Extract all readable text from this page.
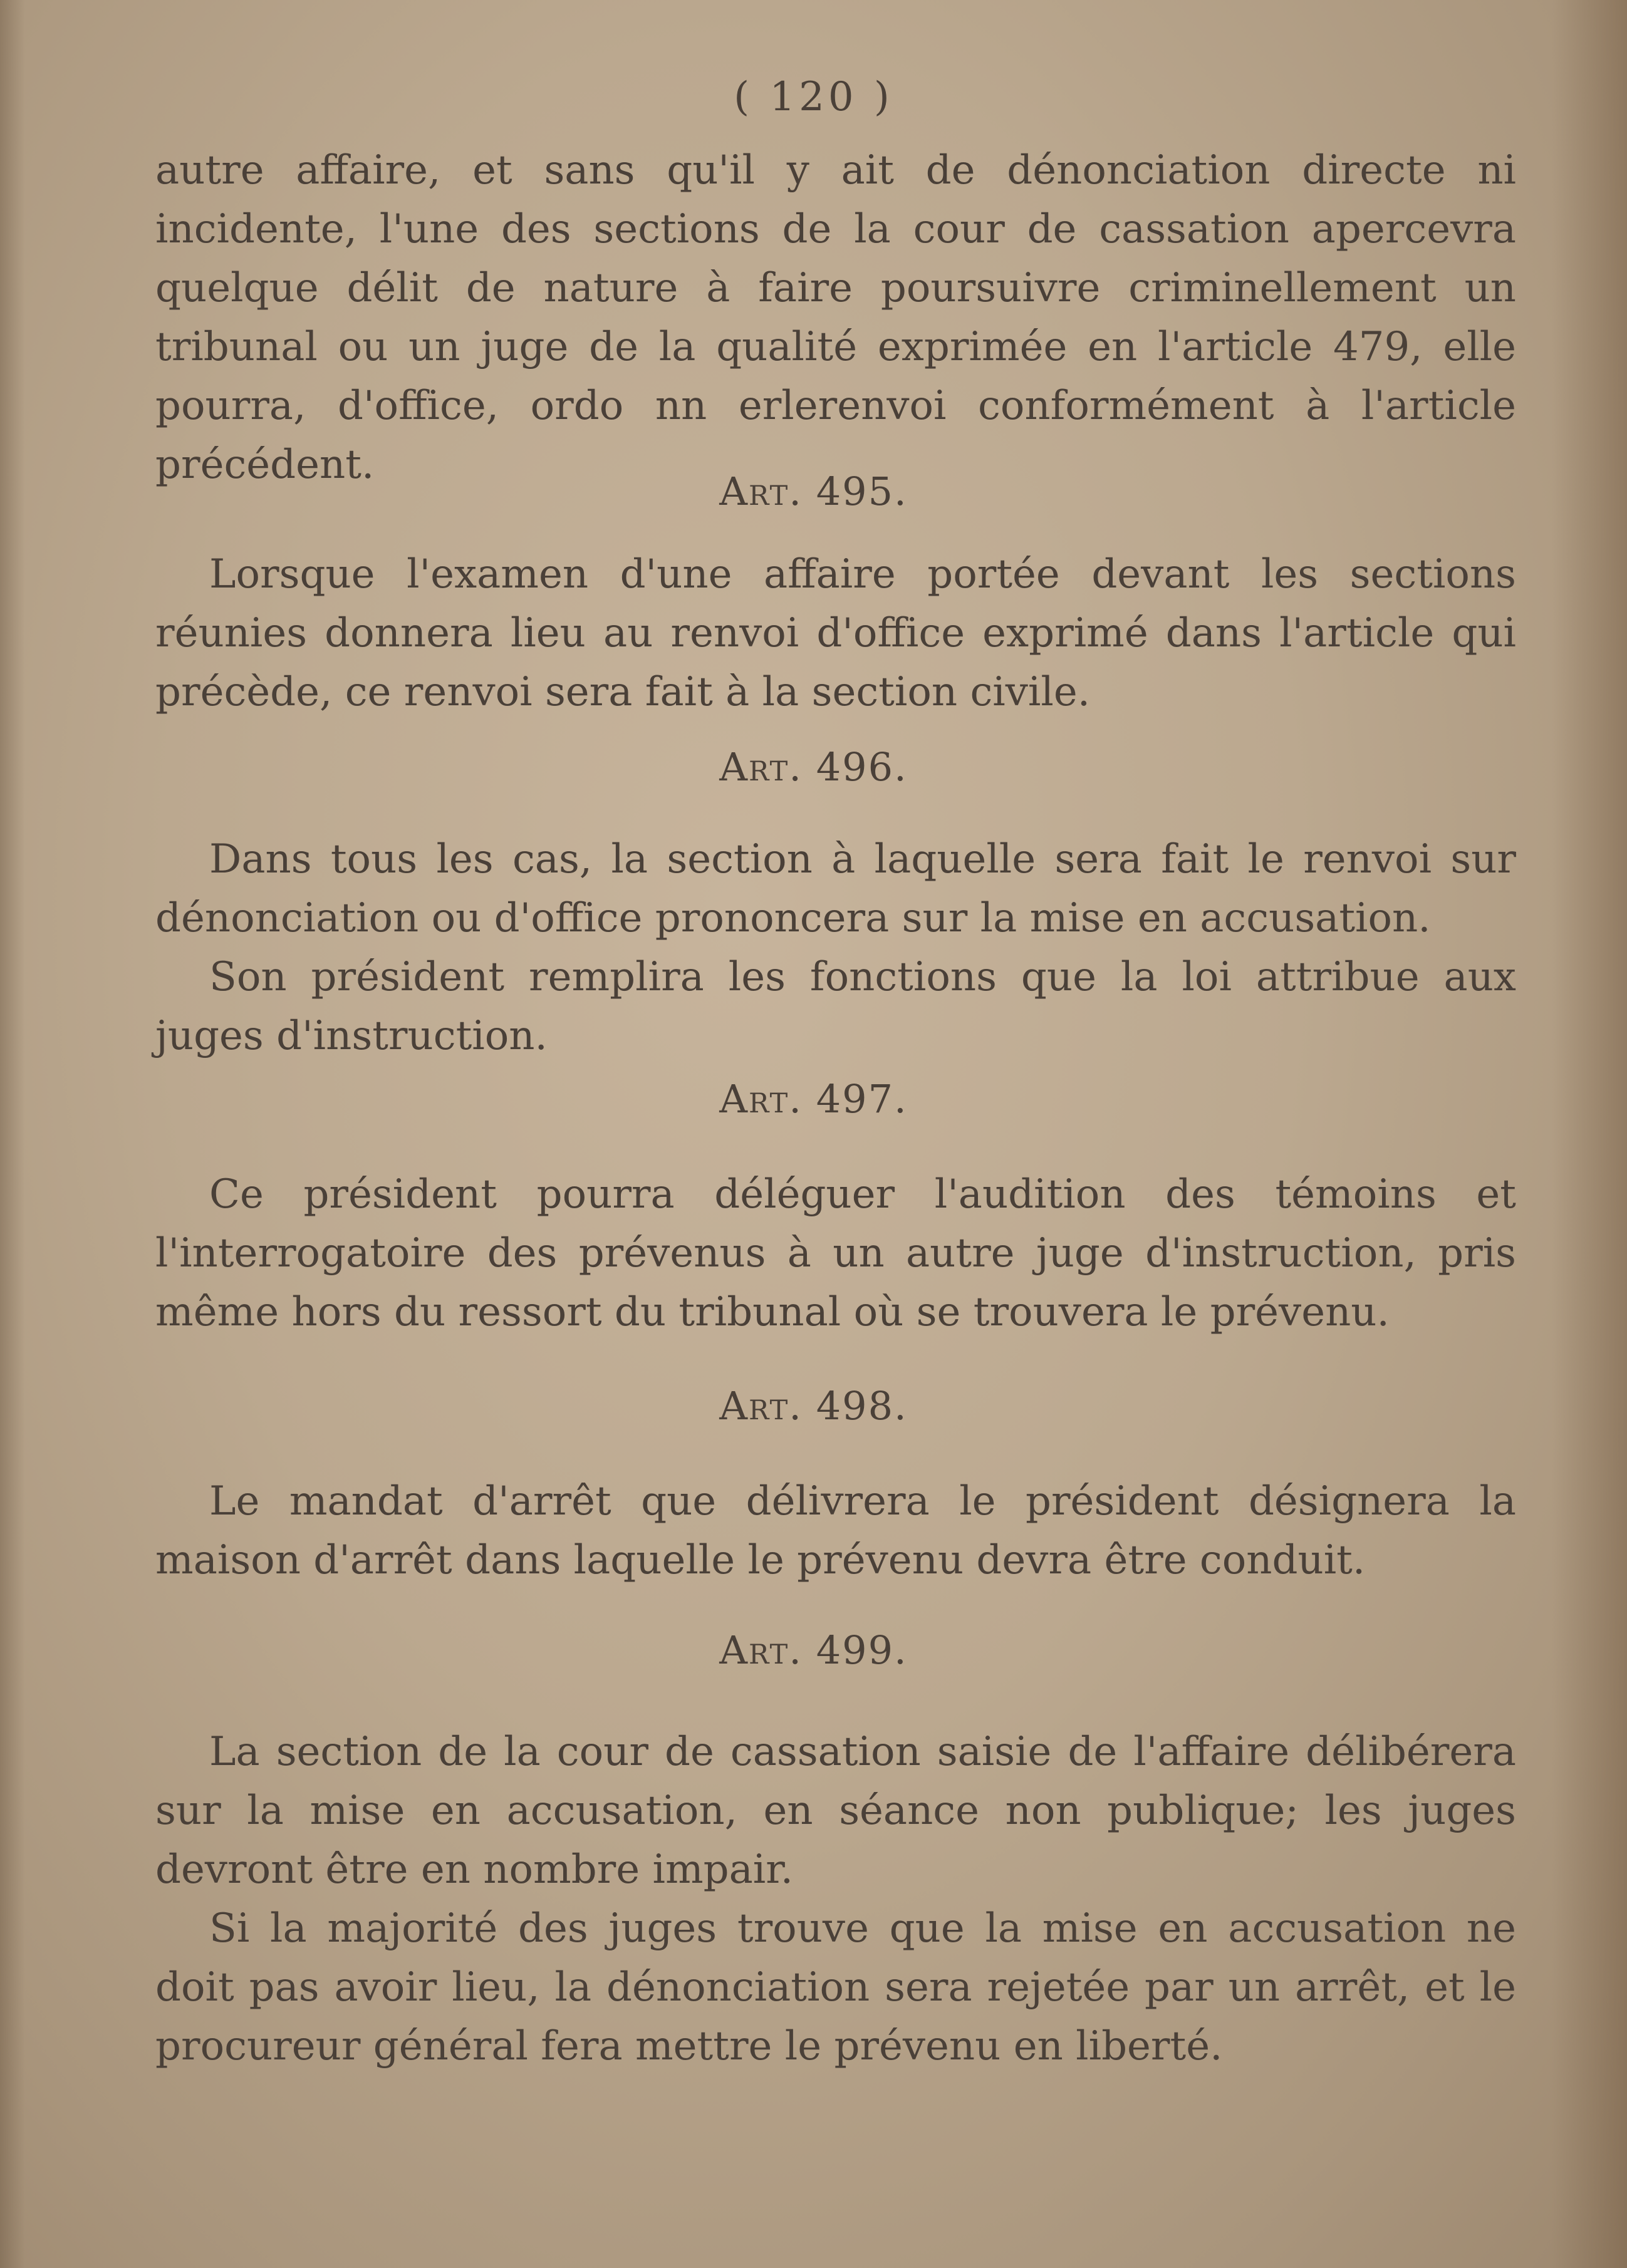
( 120 )

autre affaire, et sans qu'il y ait de dénonciation directe ni incidente, l'une des sections de la cour de cassation apercevra quelque délit de nature à faire poursuivre criminellement un tribunal ou un juge de la qualité exprimée en l'article 479, elle pourra, d'office, ordo nn erlerenvoi conformément à l'article précédent.

Art. 495.

Lorsque l'examen d'une affaire portée devant les sections réunies donnera lieu au renvoi d'office exprimé dans l'article qui précède, ce renvoi sera fait à la section civile.

Art. 496.

Dans tous les cas, la section à laquelle sera fait le renvoi sur dénonciation ou d'office prononcera sur la mise en accusation.

Son président remplira les fonctions que la loi attribue aux juges d'instruction.

Art. 497.

Ce président pourra déléguer l'audition des témoins et l'interrogatoire des prévenus à un autre juge d'instruction, pris même hors du ressort du tribunal où se trouvera le prévenu.

Art. 498.

Le mandat d'arrêt que délivrera le président désignera la maison d'arrêt dans laquelle le prévenu devra être conduit.

Art. 499.

La section de la cour de cassation saisie de l'affaire délibérera sur la mise en accusation, en séance non publique; les juges devront être en nombre impair.

Si la majorité des juges trouve que la mise en accusation ne doit pas avoir lieu, la dénonciation sera rejetée par un arrêt, et le procureur général fera mettre le prévenu en liberté.
